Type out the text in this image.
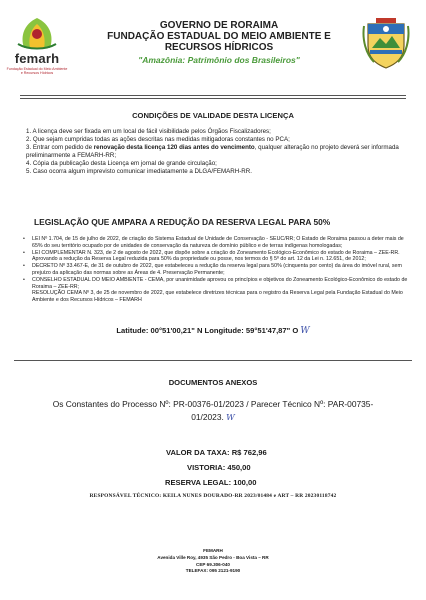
femarh
Fundação Estadual do Meio Ambiente e Recursos Hídricos
GOVERNO DE RORAIMA
FUNDAÇÃO ESTADUAL DO MEIO AMBIENTE E
RECURSOS HÍDRICOS
"Amazônia: Patrimônio dos Brasileiros"
CONDIÇÕES DE VALIDADE DESTA LICENÇA
1. A licença deve ser fixada em um local de fácil visibilidade pelos Órgãos Fiscalizadores;
2. Que sejam cumpridas todas as ações descritas nas medidas mitigadoras constantes no PCA;
3. Entrar com pedido de renovação desta licença 120 dias antes do vencimento, qualquer alteração no projeto deverá ser informada preliminarmente a FEMARH-RR;
4. Cópia da publicação desta Licença em jornal de grande circulação;
5. Caso ocorra algum imprevisto comunicar imediatamente a DLGA/FEMARH-RR.
LEGISLAÇÃO QUE AMPARA A REDUÇÃO DA RESERVA LEGAL PARA 50%
• LEI Nº 1.704, de 15 de julho de 2022, de criação do Sistema Estadual de Unidade de Conservação - SEUC/RR; O Estado de Roraima passou a deter mais de 65% do seu território ocupado por de unidades de conservação da natureza de domínio público e de terras indígenas homologadas;
• LEI COMPLEMENTAR N. 323, de 2 de agosto de 2022, que dispõe sobre a criação do Zoneamento Ecológico-Econômico do estado de Roraima – ZEE-RR. Aprovando a redução da Reserva Legal reduzida para 50% da propriedade ou posse, nos termos do § 5º do art. 12 da Lei n. 12.651, de 2012;
• DECRETO Nº 33.467-E, de 31 de outubro de 2022, que estabeleceu a redução da reserva legal para 50% (cinquenta por cento) da área do imóvel rural, sem prejuízo da aplicação das normas sobre as Áreas de 4. Preservação Permanente;
• CONSELHO ESTADUAL DO MEIO AMBIENTE - CEMA, por unanimidade aprovou os princípios e objetivos do Zoneamento Ecológico-Econômico do estado de Roraima – ZEE-RR;
RESOLUÇÃO CEMA Nº 3, de 25 de novembro de 2022, que estabelece diretrizes técnicas para o registro da Reserva Legal pela Fundação Estadual do Meio Ambiente e dos Recursos Hídricos – FEMARH
Latitude: 00°51'00,21" N Longitude: 59°51'47,87" O W
DOCUMENTOS ANEXOS
Os Constantes do Processo Nº: PR-00376-01/2023 / Parecer Técnico Nº: PAR-00735-01/2023. W
VALOR DA TAXA:
R$ 762,96
VISTORIA:
450,00
RESERVA LEGAL:
100,00
RESPONSÁVEL TÉCNICO: KEILA NUNES DOURADO-RR 2023/01484 e ART – RR 20230118742
FEMARH
Avenida Ville Roy, 4935 São Pedro - Boa Vista – RR
CEP 69.306-040
TELEFAX: 095 2121-9190
